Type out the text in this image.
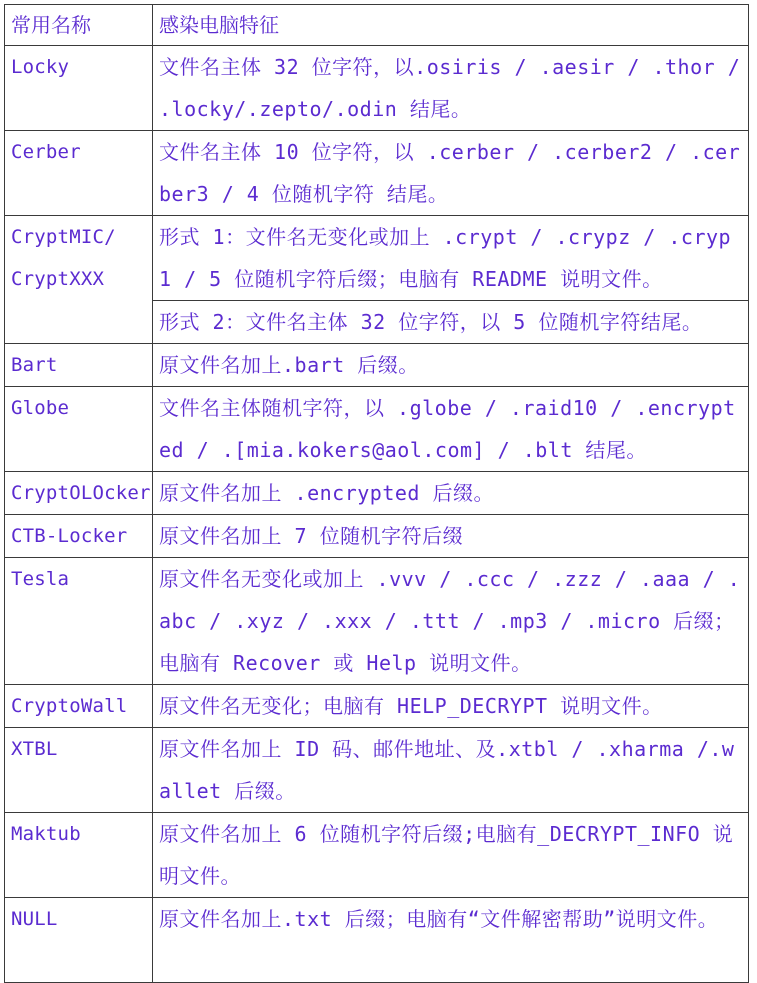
常用名称	感染电脑特征
Locky	文件名主体 32 位字符，以.osiris / .aesir / .thor / .locky/.zepto/.odin 结尾。
Cerber	文件名主体 10 位字符，以 .cerber / .cerber2 / .cerber3 / 4 位随机字符 结尾。
CryptMIC/ CryptXXX	形式 1：文件名无变化或加上 .crypt / .crypz / .cryp1 / 5 位随机字符后缀；电脑有 README 说明文件。
	形式 2：文件名主体 32 位字符，以 5 位随机字符结尾。
Bart	原文件名加上.bart 后缀。
Globe	文件名主体随机字符，以 .globe / .raid10 / .encrypted / .[mia.kokers@aol.com] / .blt 结尾。
CryptOLOcker	原文件名加上 .encrypted 后缀。
CTB-Locker	原文件名加上 7 位随机字符后缀
Tesla	原文件名无变化或加上 .vvv / .ccc / .zzz / .aaa / .abc / .xyz / .xxx / .ttt / .mp3 / .micro 后缀；电脑有 Recover 或 Help 说明文件。
CryptoWall	原文件名无变化；电脑有 HELP_DECRYPT 说明文件。
XTBL	原文件名加上 ID 码、邮件地址、及.xtbl / .xharma /.wallet 后缀。
Maktub	原文件名加上 6 位随机字符后缀;电脑有_DECRYPT_INFO 说明文件。
NULL	原文件名加上.txt 后缀；电脑有“文件解密帮助”说明文件。
